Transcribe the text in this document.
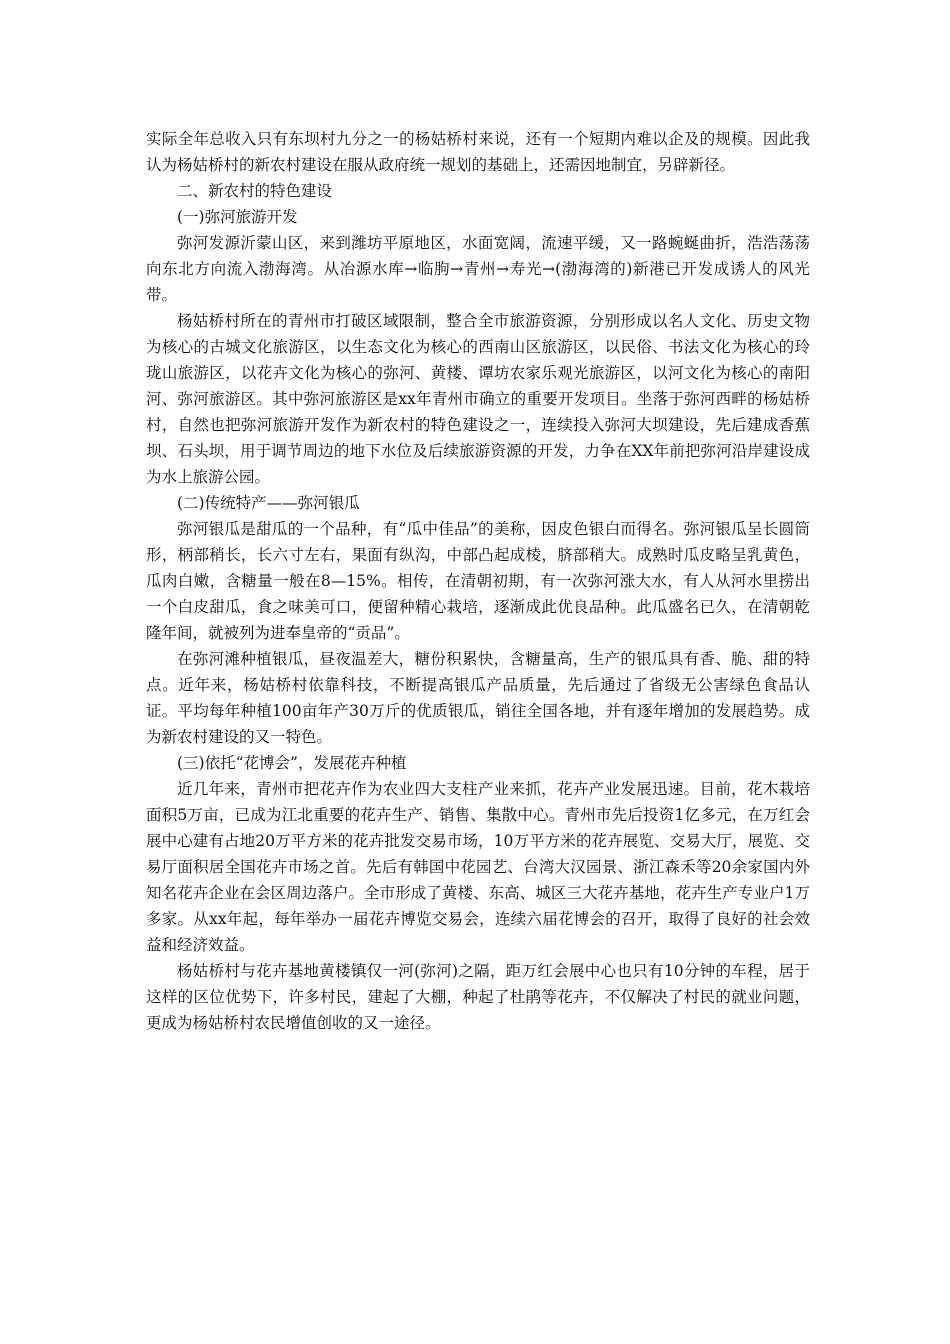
实际全年总收入只有东坝村九分之一的杨姑桥村来说，还有一个短期内难以企及的规模。因此我认为杨姑桥村的新农村建设在服从政府统一规划的基础上，还需因地制宜，另辟新径。

二、新农村的特色建设

(一)弥河旅游开发

弥河发源沂蒙山区，来到潍坊平原地区，水面宽阔，流速平缓，又一路蜿蜒曲折，浩浩荡荡向东北方向流入渤海湾。从冶源水库→临朐→青州→寿光→(渤海湾的)新港已开发成诱人的风光带。

杨姑桥村所在的青州市打破区域限制，整合全市旅游资源，分别形成以名人文化、历史文物为核心的古城文化旅游区，以生态文化为核心的西南山区旅游区，以民俗、书法文化为核心的玲珑山旅游区，以花卉文化为核心的弥河、黄楼、谭坊农家乐观光旅游区，以河文化为核心的南阳河、弥河旅游区。其中弥河旅游区是xx年青州市确立的重要开发项目。坐落于弥河西畔的杨姑桥村，自然也把弥河旅游开发作为新农村的特色建设之一，连续投入弥河大坝建设，先后建成香蕉坝、石头坝，用于调节周边的地下水位及后续旅游资源的开发，力争在XX年前把弥河沿岸建设成为水上旅游公园。

(二)传统特产——弥河银瓜

弥河银瓜是甜瓜的一个品种，有“瓜中佳品”的美称，因皮色银白而得名。弥河银瓜呈长圆筒形，柄部稍长，长六寸左右，果面有纵沟，中部凸起成棱，脐部稍大。成熟时瓜皮略呈乳黄色，瓜肉白嫩，含糖量一般在8—15%。相传，在清朝初期，有一次弥河涨大水，有人从河水里捞出一个白皮甜瓜，食之味美可口，便留种精心栽培，逐渐成此优良品种。此瓜盛名已久，在清朝乾隆年间，就被列为进奉皇帝的“贡品”。

在弥河滩种植银瓜，昼夜温差大，糖份积累快，含糖量高，生产的银瓜具有香、脆、甜的特点。近年来，杨姑桥村依靠科技，不断提高银瓜产品质量，先后通过了省级无公害绿色食品认证。平均每年种植100亩年产30万斤的优质银瓜，销往全国各地，并有逐年增加的发展趋势。成为新农村建设的又一特色。

(三)依托“花博会”，发展花卉种植

近几年来，青州市把花卉作为农业四大支柱产业来抓，花卉产业发展迅速。目前，花木栽培面积5万亩，已成为江北重要的花卉生产、销售、集散中心。青州市先后投资1亿多元，在万红会展中心建有占地20万平方米的花卉批发交易市场，10万平方米的花卉展览、交易大厅，展览、交易厅面积居全国花卉市场之首。先后有韩国中花园艺、台湾大汉园景、浙江森禾等20余家国内外知名花卉企业在会区周边落户。全市形成了黄楼、东高、城区三大花卉基地，花卉生产专业户1万多家。从xx年起，每年举办一届花卉博览交易会，连续六届花博会的召开，取得了良好的社会效益和经济效益。

杨姑桥村与花卉基地黄楼镇仅一河(弥河)之隔，距万红会展中心也只有10分钟的车程，居于这样的区位优势下，许多村民，建起了大棚，种起了杜鹃等花卉，不仅解决了村民的就业问题，更成为杨姑桥村农民增值创收的又一途径。
